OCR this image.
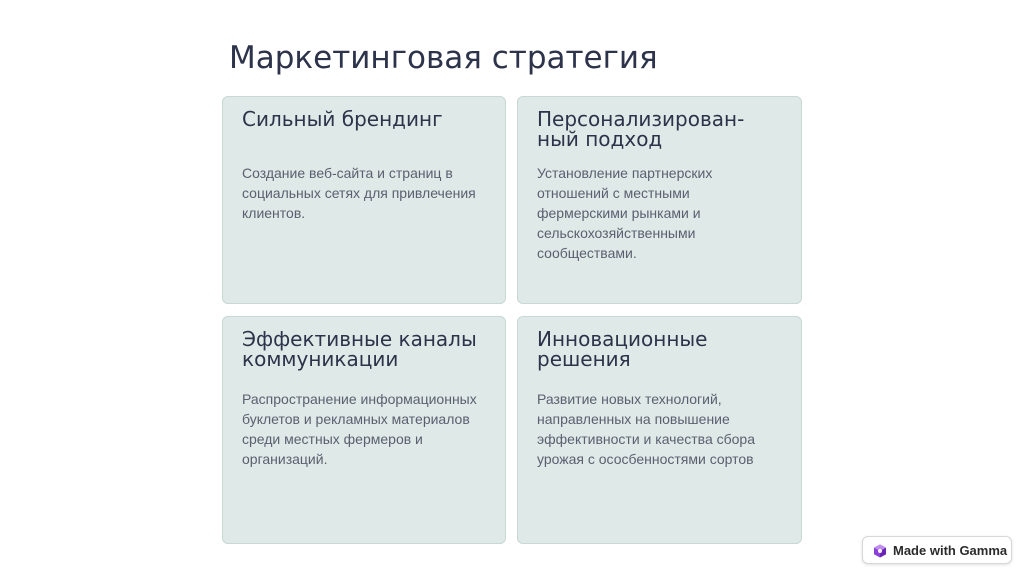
Маркетинговая стратегия
Сильный брендинг

Создание веб-сайта и страниц в социальных сетях для привлечения клиентов.

Персонализирован-
ный подход

Установление партнерских отношений с местными фермерскими рынками и сельскохозяйственными сообществами.

Эффективные каналы
коммуникации

Распространение информационных буклетов и рекламных материалов среди местных фермеров и организаций.

Инновационные
решения

Развитие новых технологий, направленных на повышение эффективности и качества сбора урожая с ососбенностями сортов

Made with Gamma
